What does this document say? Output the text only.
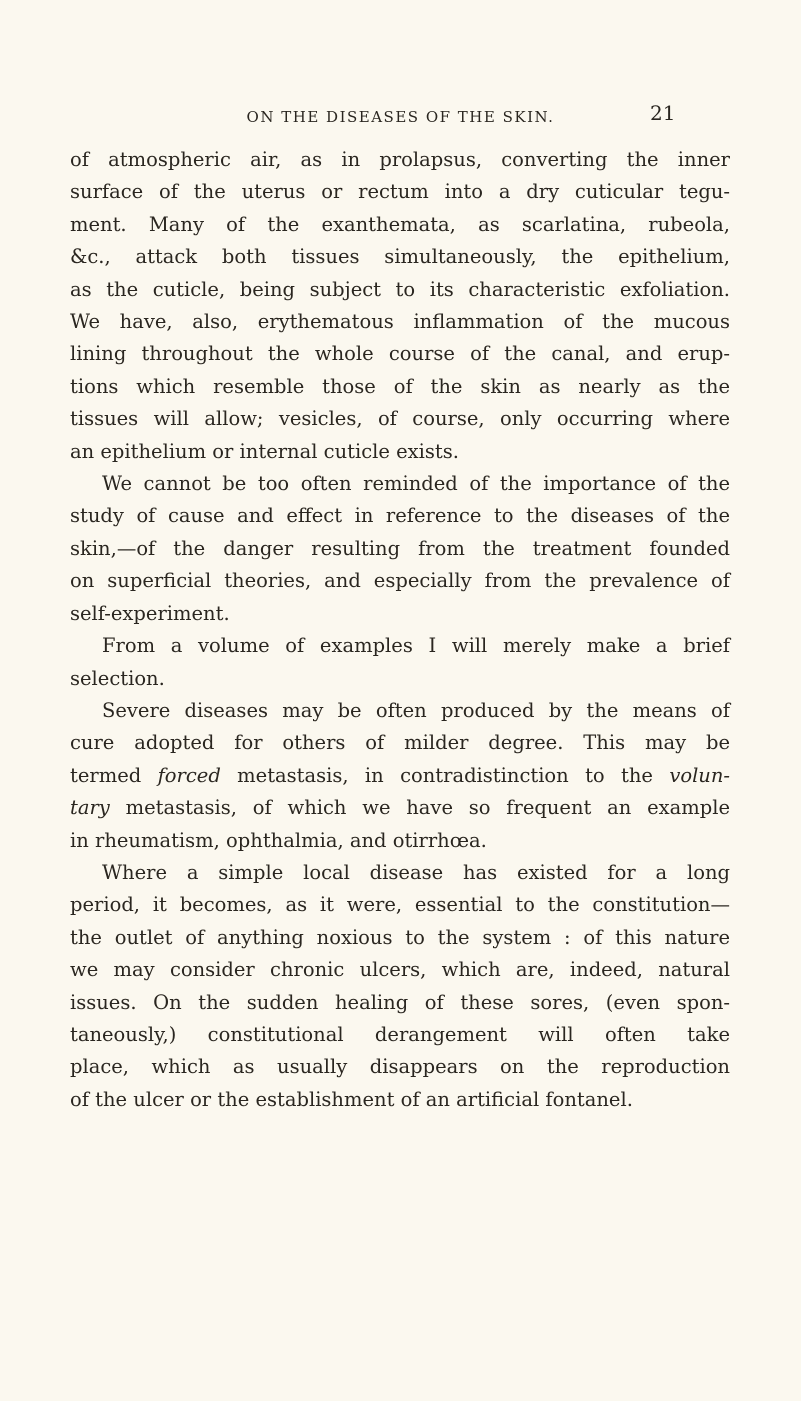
ON THE DISEASES OF THE SKIN.	21

of atmospheric air, as in prolapsus, converting the inner
surface of the uterus or rectum into a dry cuticular tegu-
ment. Many of the exanthemata, as scarlatina, rubeola,
&c., attack both tissues simultaneously, the epithelium,
as the cuticle, being subject to its characteristic exfoliation.
We have, also, erythematous inflammation of the mucous
lining throughout the whole course of the canal, and erup-
tions which resemble those of the skin as nearly as the
tissues will allow; vesicles, of course, only occurring where
an epithelium or internal cuticle exists.

We cannot be too often reminded of the importance of the
study of cause and effect in reference to the diseases of the
skin,—of the danger resulting from the treatment founded
on superficial theories, and especially from the prevalence of
self-experiment.

From a volume of examples I will merely make a brief
selection.

Severe diseases may be often produced by the means of
cure adopted for others of milder degree. This may be
termed forced metastasis, in contradistinction to the volun-
tary metastasis, of which we have so frequent an example
in rheumatism, ophthalmia, and otirrhœa.

Where a simple local disease has existed for a long
period, it becomes, as it were, essential to the constitution—
the outlet of anything noxious to the system : of this nature
we may consider chronic ulcers, which are, indeed, natural
issues. On the sudden healing of these sores, (even spon-
taneously,) constitutional derangement will often take
place, which as usually disappears on the reproduction
of the ulcer or the establishment of an artificial fontanel.
